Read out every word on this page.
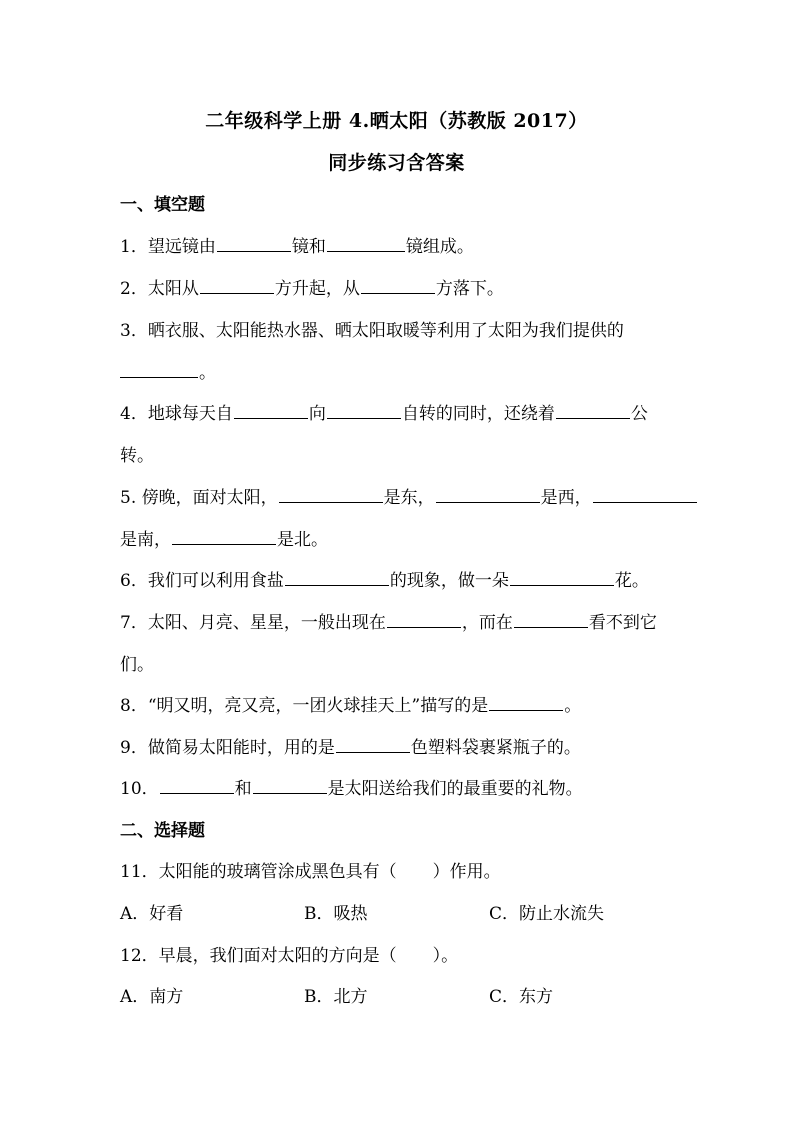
二年级科学上册 4.晒太阳（苏教版 2017）
同步练习含答案
一、填空题
1．望远镜由	镜和	镜组成。
2．太阳从	方升起，从	方落下。
3．晒衣服、太阳能热水器、晒太阳取暖等利用了太阳为我们提供的
。
4．地球每天自	向	自转的同时，还绕着	公
转。
5. 傍晚，面对太阳，	是东，	是西，
是南，	是北。
6．我们可以利用食盐	的现象，做一朵	花。
7．太阳、月亮、星星，一般出现在	，而在	看不到它
们。
8．“明又明，亮又亮，一团火球挂天上”描写的是	。
9．做简易太阳能时，用的是	色塑料袋裹紧瓶子的。
10．	和	是太阳送给我们的最重要的礼物。
二、选择题
11．太阳能的玻璃管涂成黑色具有（ ）作用。
A．好看	B．吸热	C．防止水流失
12．早晨，我们面对太阳的方向是（ ）。
A．南方	B．北方	C．东方
